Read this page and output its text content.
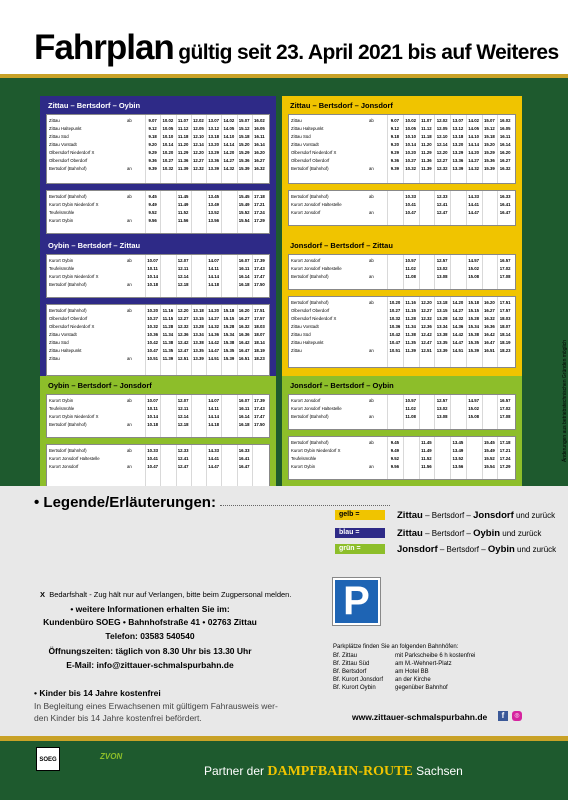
Fahrplan gültig seit 23. April 2021 bis auf Weiteres
Zittau – Bertsdorf – Oybin
Zittau	ab	9.07	10.02	11.07	12.02	13.07	14.02	15.07	16.02
Zittau Haltepunkt	9.12	10.05	11.12	12.05	13.12	14.05	15.12	16.05
Zittau Süd	9.18	10.10	11.18	12.10	13.18	14.10	15.18	16.11
Zittau Vorstadt	9.20	10.14	11.20	12.14	13.20	14.14	15.20	16.14
Olbersdorf Niederdorf X	9.29	10.20	11.29	12.20	13.29	14.20	15.29	16.20
Olbersdorf Oberdorf	9.36	10.27	11.36	12.27	13.36	14.27	15.36	16.27
Bertsdorf (Bahnhof)	an	9.39	10.32	11.39	12.32	13.39	14.32	15.39	16.32
Bertsdorf (Bahnhof)	ab	9.45	11.45	13.45	15.45	17.18
Kurort Oybin Niederdorf X	9.49	11.49	13.49	15.49	17.21
Teufelsmühle	9.52	11.52	13.52	15.52	17.24
Kurort Oybin	an	9.56	11.56	13.56	15.54	17.29
Zittau – Bertsdorf – Jonsdorf
Zittau	ab	9.07	10.02	11.07	12.02	13.07	14.02	15.07	16.02
Zittau Haltepunkt	9.12	10.05	11.12	12.05	13.12	14.05	15.12	16.05
Zittau Süd	9.18	10.10	11.18	12.10	13.18	14.10	15.18	16.11
Zittau Vorstadt	9.20	10.14	11.20	12.14	13.20	14.14	15.20	16.14
Olbersdorf Niederdorf X	9.29	10.20	11.29	12.20	13.29	14.20	15.29	16.20
Olbersdorf Oberdorf	9.36	10.27	11.36	12.27	13.36	14.27	15.36	16.27
Bertsdorf (Bahnhof)	an	9.39	10.32	11.39	12.32	13.39	14.32	15.39	16.32
Bertsdorf (Bahnhof)	ab	10.33	12.33	14.33	16.33
Kurort Jonsdorf Haltestelle	10.41	12.41	14.41	16.41
Kurort Jonsdorf	an	10.47	12.47	14.47	16.47
Oybin – Bertsdorf – Zittau
Kurort Oybin	ab	10.07	12.07	14.07	16.07	17.39
Teufelsmühle	10.11	12.11	14.11	16.11	17.43
Kurort Oybin Niederdorf X	10.14	12.14	14.14	16.14	17.47
Bertsdorf (Bahnhof)	an	10.18	12.18	14.18	16.18	17.50
Bertsdorf (Bahnhof)	ab	10.20	11.16	12.20	13.18	14.20	15.18	16.20	17.51
Olbersdorf Oberdorf	10.27	11.15	12.27	13.15	14.27	15.15	16.27	17.57
Olbersdorf Niederdorf X	10.32	11.28	12.32	13.28	14.32	15.28	16.32	18.03
Zittau Vorstadt	10.36	11.34	12.36	13.34	14.36	15.34	16.36	18.07
Zittau Süd	10.42	11.38	12.42	13.38	14.42	15.38	16.42	18.14
Zittau Haltepunkt	10.47	11.35	12.47	13.35	14.47	15.35	16.47	18.19
Zittau	an	10.51	11.39	12.51	13.39	14.51	15.39	16.51	18.23
Jonsdorf – Bertsdorf – Zittau
Kurort Jonsdorf	ab	10.57	12.57	14.57	16.57
Kurort Jonsdorf Haltestelle	11.02	13.02	15.02	17.02
Bertsdorf (Bahnhof)	an	11.08	13.08	15.08	17.08
Bertsdorf (Bahnhof)	ab	10.20	11.16	12.20	13.18	14.20	15.18	16.20	17.51
Olbersdorf Oberdorf	10.27	11.15	12.27	13.15	14.27	15.15	16.27	17.57
Olbersdorf Niederdorf X	10.32	11.28	12.32	13.28	14.32	15.28	16.32	18.03
Zittau Vorstadt	10.36	11.34	12.36	13.34	14.36	15.34	16.36	18.07
Zittau Süd	10.42	11.38	12.42	13.38	14.42	15.38	16.42	18.14
Zittau Haltepunkt	10.47	11.35	12.47	13.35	14.47	15.35	16.47	18.19
Zittau	an	10.51	11.39	12.51	13.39	14.51	15.39	16.51	18.23
Oybin – Bertsdorf – Jonsdorf
Kurort Oybin	ab	10.07	12.07	14.07	16.07	17.39
Teufelsmühle	10.11	12.11	14.11	16.11	17.43
Kurort Oybin Niederdorf X	10.14	12.14	14.14	16.14	17.47
Bertsdorf (Bahnhof)	an	10.18	12.18	14.18	16.18	17.50
Bertsdorf (Bahnhof)	ab	10.33	12.33	14.33	16.33
Kurort Jonsdorf Haltestelle	10.41	12.41	14.41	16.41
Kurort Jonsdorf	an	10.47	12.47	14.47	16.47
Jonsdorf – Bertsdorf – Oybin
Kurort Jonsdorf	ab	10.57	12.57	14.57	16.57
Kurort Jonsdorf Haltestelle	11.02	13.02	15.02	17.02
Bertsdorf (Bahnhof)	an	11.08	13.08	15.08	17.08
Bertsdorf (Bahnhof)	ab	9.45	11.45	13.45	15.45	17.18
Kurort Oybin Niederdorf X	9.49	11.49	13.49	15.49	17.21
Teufelsmühle	9.52	11.52	13.52	15.52	17.24
Kurort Oybin	an	9.56	11.56	13.56	15.54	17.29
Änderungen aus betriebstechnischen Gründen möglich
• Legende/Erläuterungen:
gelb =	Zittau – Bertsdorf – Jonsdorf und zurück
blau =	Zittau – Bertsdorf – Oybin und zurück
grün =	Jonsdorf – Bertsdorf – Oybin und zurück
X Bedarfshalt - Zug hält nur auf Verlangen, bitte beim Zugpersonal melden.
• weitere Informationen erhalten Sie im:
Kundenbüro SOEG • Bahnhofstraße 41 • 02763 Zittau
Telefon: 03583 540540
Öffnungszeiten: täglich von 8.30 Uhr bis 13.30 Uhr
E-Mail: info@zittauer-schmalspurbahn.de
• Kinder bis 14 Jahre kostenfrei
In Begleitung eines Erwachsenen mit gültigem Fahrausweis wer-
den Kinder bis 14 Jahre kostenfrei befördert.
P
Parkplätze finden Sie an folgenden Bahnhöfen:
Bf. Zittau	mit Parkscheibe 6 h kostenfrei
Bf. Zittau Süd	am M.-Wehnert-Platz
Bf. Bertsdorf	am Hotel BB
Bf. Kurort Jonsdorf an der Kirche
Bf. Kurort Oybin	gegenüber Bahnhof
www.zittauer-schmalspurbahn.de	f	◎
SOEG	ZVON
Partner der DAMPFBAHN-ROUTE Sachsen
